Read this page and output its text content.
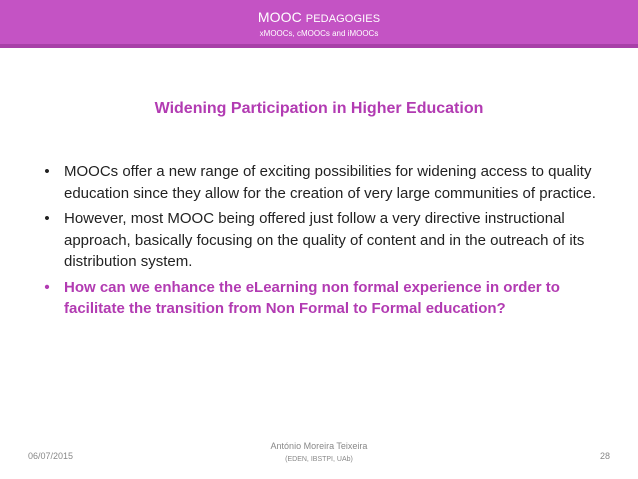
MOOC PEDAGOGIES
xMOOCs, cMOOCs and iMOOCs
Widening Participation in Higher Education
• MOOCs offer a new range of exciting possibilities for widening access to quality education since they allow for the creation of very large communities of practice.
• However, most MOOC being offered just follow a very directive instructional approach, basically focusing on the quality of content and in the outreach of its distribution system.
• How can we enhance the eLearning non formal experience in order to facilitate the transition from Non Formal to Formal education?
06/07/2015
António Moreira Teixeira
(EDEN, IBSTPI, UAb)	28
